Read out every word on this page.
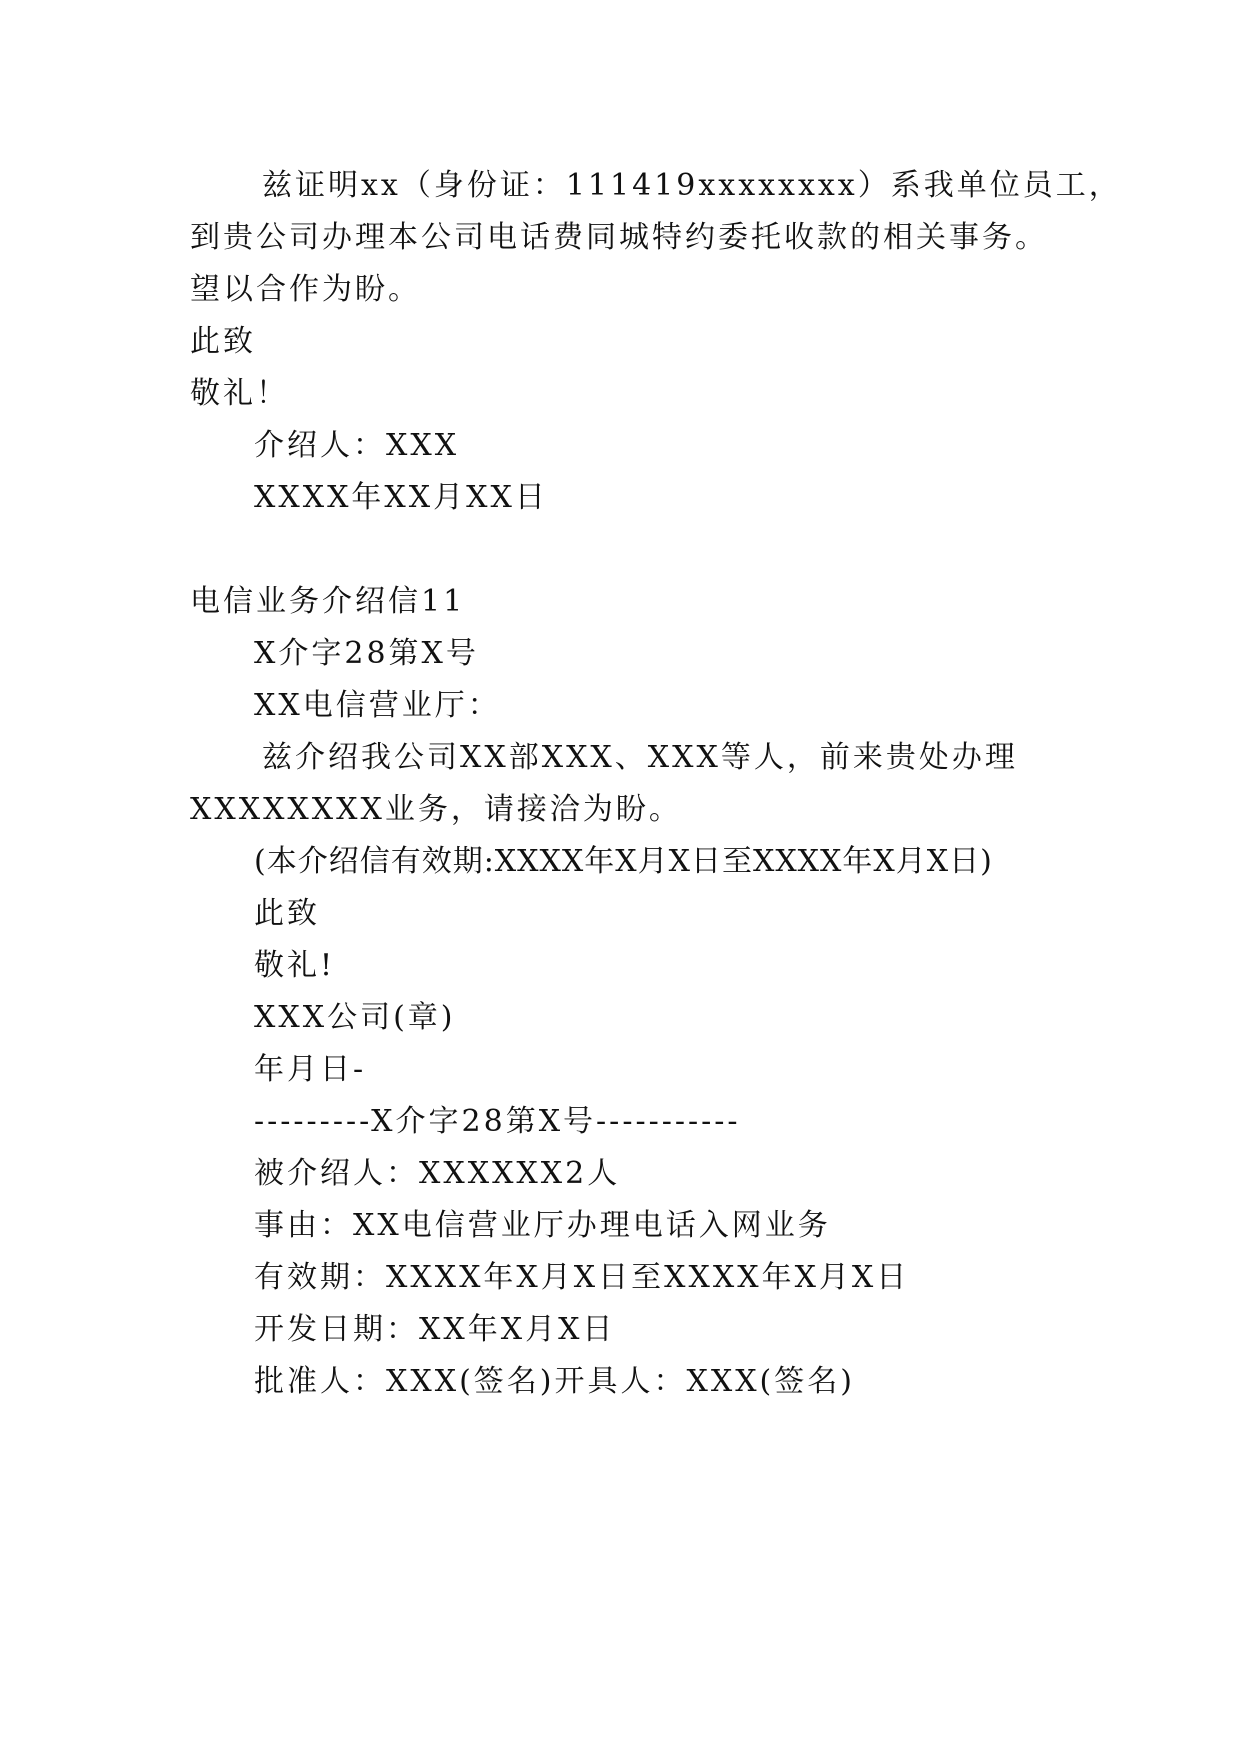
兹证明xx（身份证：111419xxxxxxxx）系我单位员工，
到贵公司办理本公司电话费同城特约委托收款的相关事务。
望以合作为盼。
此致
敬礼！
介绍人：XXX
XXXX年XX月XX日
电信业务介绍信11
X介字28第X号
XX电信营业厅：
兹介绍我公司XX部XXX、XXX等人，前来贵处办理
XXXXXXXX业务，请接洽为盼。
(本介绍信有效期:XXXX年X月X日至XXXX年X月X日)
此致
敬礼!
XXX公司(章)
年月日-
---------X介字28第X号-----------
被介绍人：XXXXXX2人
事由：XX电信营业厅办理电话入网业务
有效期：XXXX年X月X日至XXXX年X月X日
开发日期：XX年X月X日
批准人：XXX(签名)开具人：XXX(签名)
